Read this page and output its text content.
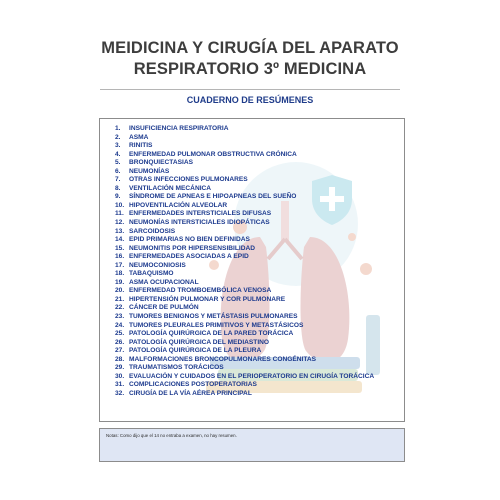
MEIDICINA Y CIRUGÍA DEL APARATO
RESPIRATORIO 3º MEDICINA
CUADERNO DE RESÚMENES
1. INSUFICIENCIA RESPIRATORIA
2. ASMA
3. RINITIS
4. ENFERMEDAD PULMONAR OBSTRUCTIVA CRÓNICA
5. BRONQUIECTASIAS
6. NEUMONÍAS
7. OTRAS INFECCIONES PULMONARES
8. VENTILACIÓN MECÁNICA
9. SÍNDROME DE APNEAS E HIPOAPNEAS DEL SUEÑO
10. HIPOVENTILACIÓN ALVEOLAR
11. ENFERMEDADES INTERSTICIALES DIFUSAS
12. NEUMONÍAS INTERSTICIALES IDIOPÁTICAS
13. SARCOIDOSIS
14. EPID PRIMARIAS NO BIEN DEFINIDAS
15. NEUMONITIS POR HIPERSENSIBILIDAD
16. ENFERMEDADES ASOCIADAS A EPID
17. NEUMOCONIOSIS
18. TABAQUISMO
19. ASMA OCUPACIONAL
20. ENFERMEDAD TROMBOEMBÓLICA VENOSA
21. HIPERTENSIÓN PULMONAR Y COR PULMONARE
22. CÁNCER DE PULMÓN
23. TUMORES BENIGNOS Y METÁSTASIS PULMONARES
24. TUMORES PLEURALES PRIMITIVOS Y METASTÁSICOS
25. PATOLOGÍA QUIRÚRGICA DE LA PARED TORÁCICA
26. PATOLOGÍA QUIRÚRGICA DEL MEDIASTINO
27. PATOLOGÍA QUIRÚRGICA DE LA PLEURA
28. MALFORMACIONES BRONCOPULMONARES CONGÉNITAS
29. TRAUMATISMOS TORÁCICOS
30. EVALUACIÓN Y CUIDADOS EN EL PERIOPERATORIO EN CIRUGÍA TORÁCICA
31. COMPLICACIONES POSTOPERATORIAS
32. CIRUGÍA DE LA VÍA AÉREA PRINCIPAL
Notas: Como dijo que el 14 no entraba a examen, no hay resumen.
